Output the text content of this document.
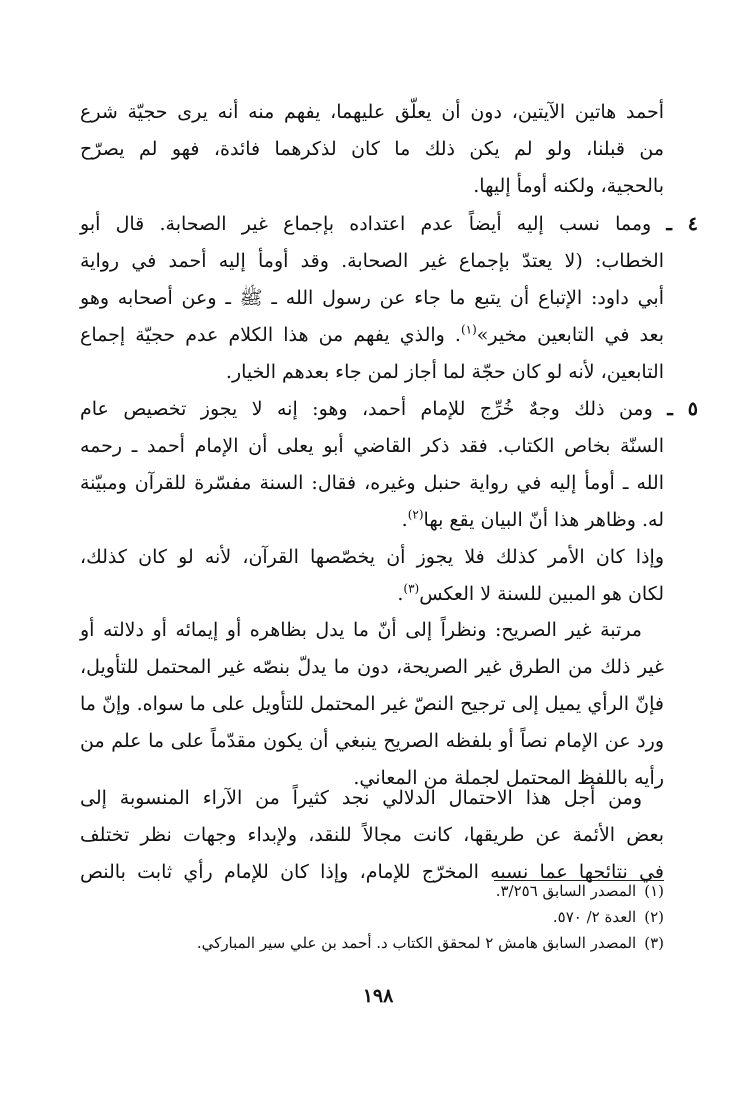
أحمد هاتين الآيتين، دون أن يعلّق عليهما، يفهم منه أنه يرى حجيّة شرع
من قبلنا، ولو لم يكن ذلك ما كان لذكرهما فائدة، فهو لم يصرّح
بالحجية، ولكنه أومأ إليها.
٤ ـ ومما نسب إليه أيضاً عدم اعتداده بإجماع غير الصحابة. قال أبو
الخطاب: (لا يعتدّ بإجماع غير الصحابة. وقد أومأ إليه أحمد في رواية
أبي داود: الإتباع أن يتبع ما جاء عن رسول الله ـ ﷺ ـ وعن أصحابه وهو
بعد في التابعين مخير»$^{(١)}$. والذي يفهم من هذا الكلام عدم حجيّة إجماع
التابعين، لأنه لو كان حجّة لما أجاز لمن جاء بعدهم الخيار.
٥ ـ ومن ذلك وجهٌ خُرِّج للإمام أحمد، وهو: إنه لا يجوز تخصيص عام
السنّة بخاص الكتاب. فقد ذكر القاضي أبو يعلى أن الإمام أحمد ـ رحمه
الله ـ أومأ إليه في رواية حنبل وغيره، فقال: السنة مفسّرة للقرآن ومبيّنة
له. وظاهر هذا أنّ البيان يقع بها$^{(٢)}$.
وإذا كان الأمر كذلك فلا يجوز أن يخصّصها القرآن، لأنه لو كان كذلك،
لكان هو المبين للسنة لا العكس$^{(٣)}$.
مرتبة غير الصريح: ونظراً إلى أنّ ما يدل بظاهره أو إيمائه أو دلالته أو
غير ذلك من الطرق غير الصريحة، دون ما يدلّ بنصّه غير المحتمل للتأويل،
فإنّ الرأي يميل إلى ترجيح النصّ غير المحتمل للتأويل على ما سواه. وإنّ ما
ورد عن الإمام نصاً أو بلفظه الصريح ينبغي أن يكون مقدّماً على ما علم من
رأيه باللفظ المحتمل لجملة من المعاني.
ومن أجل هذا الاحتمال الدلالي نجد كثيراً من الآراء المنسوبة إلى
بعض الأئمة عن طريقها، كانت مجالاً للنقد، ولإبداء وجهات نظر تختلف
في نتائجها عما نسبه المخرّج للإمام، وإذا كان للإمام رأي ثابت بالنص
(١)المصدر السابق ٣/٢٥٦.
(٢)العدة ٢/ ٥٧٠.
(٣)المصدر السابق هامش ٢ لمحقق الكتاب د. أحمد بن علي سير المباركي.
١٩٨
